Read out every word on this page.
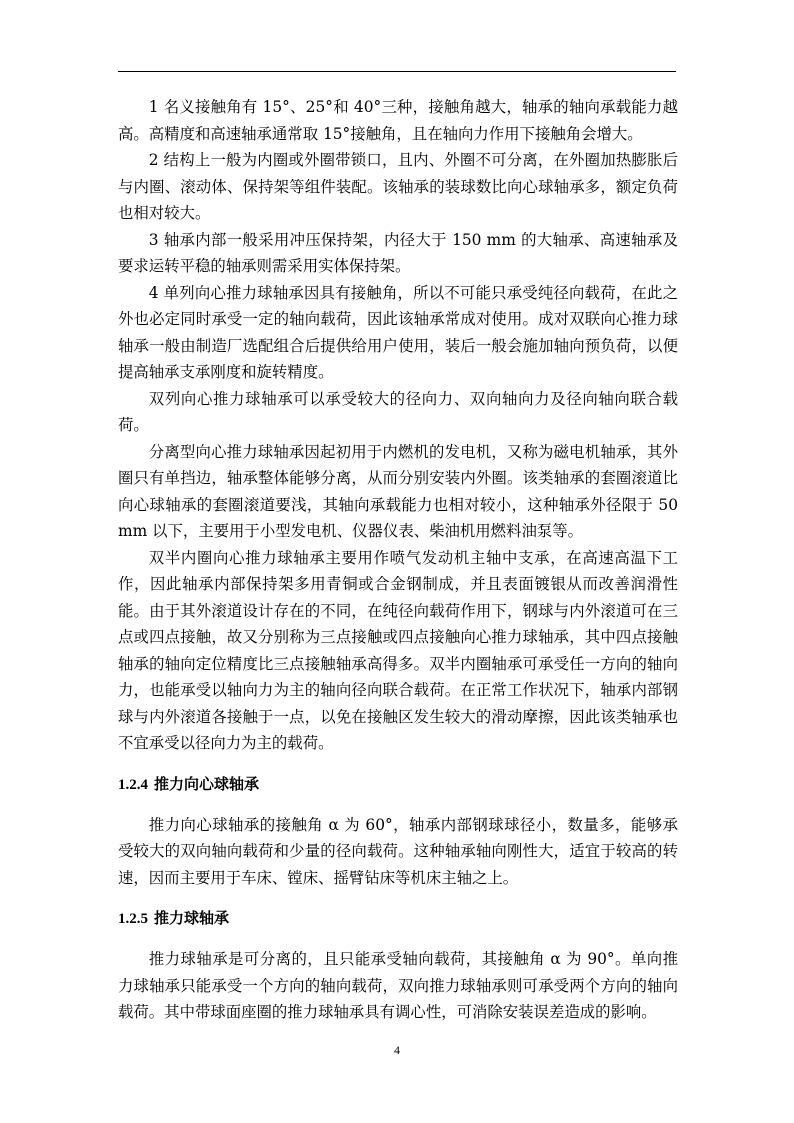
1 名义接触角有 15°、25°和 40°三种，接触角越大，轴承的轴向承载能力越高。高精度和高速轴承通常取 15°接触角，且在轴向力作用下接触角会增大。

2 结构上一般为内圈或外圈带锁口，且内、外圈不可分离，在外圈加热膨胀后与内圈、滚动体、保持架等组件装配。该轴承的装球数比向心球轴承多，额定负荷也相对较大。

3 轴承内部一般采用冲压保持架，内径大于 150 mm 的大轴承、高速轴承及要求运转平稳的轴承则需采用实体保持架。

4 单列向心推力球轴承因具有接触角，所以不可能只承受纯径向载荷，在此之外也必定同时承受一定的轴向载荷，因此该轴承常成对使用。成对双联向心推力球轴承一般由制造厂选配组合后提供给用户使用，装后一般会施加轴向预负荷，以便提高轴承支承刚度和旋转精度。

双列向心推力球轴承可以承受较大的径向力、双向轴向力及径向轴向联合载荷。

分离型向心推力球轴承因起初用于内燃机的发电机，又称为磁电机轴承，其外圈只有单挡边，轴承整体能够分离，从而分别安装内外圈。该类轴承的套圈滚道比向心球轴承的套圈滚道要浅，其轴向承载能力也相对较小，这种轴承外径限于 50 mm 以下，主要用于小型发电机、仪器仪表、柴油机用燃料油泵等。

双半内圈向心推力球轴承主要用作喷气发动机主轴中支承，在高速高温下工作，因此轴承内部保持架多用青铜或合金钢制成，并且表面镀银从而改善润滑性能。由于其外滚道设计存在的不同，在纯径向载荷作用下，钢球与内外滚道可在三点或四点接触，故又分别称为三点接触或四点接触向心推力球轴承，其中四点接触轴承的轴向定位精度比三点接触轴承高得多。双半内圈轴承可承受任一方向的轴向力，也能承受以轴向力为主的轴向径向联合载荷。在正常工作状况下，轴承内部钢球与内外滚道各接触于一点，以免在接触区发生较大的滑动摩擦，因此该类轴承也不宜承受以径向力为主的载荷。

1.2.4 推力向心球轴承

推力向心球轴承的接触角 α 为 60°，轴承内部钢球球径小，数量多，能够承受较大的双向轴向载荷和少量的径向载荷。这种轴承轴向刚性大，适宜于较高的转速，因而主要用于车床、镗床、摇臂钻床等机床主轴之上。

1.2.5 推力球轴承

推力球轴承是可分离的，且只能承受轴向载荷，其接触角 α 为 90°。单向推力球轴承只能承受一个方向的轴向载荷，双向推力球轴承则可承受两个方向的轴向载荷。其中带球面座圈的推力球轴承具有调心性，可消除安装误差造成的影响。

4
